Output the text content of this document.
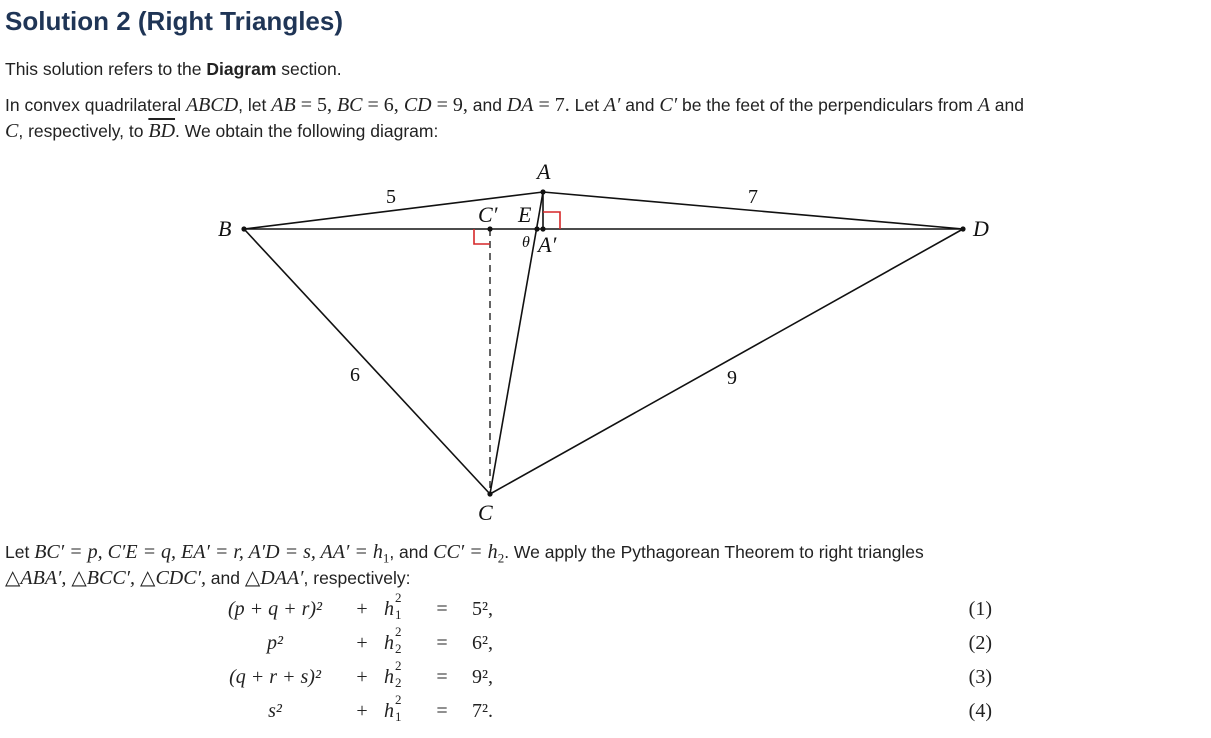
Solution 2 (Right Triangles)
This solution refers to the Diagram section.
In convex quadrilateral ABCD, let AB = 5, BC = 6, CD = 9, and DA = 7. Let A′ and C′ be the feet of the perpendiculars from A and
C, respectively, to $\overline{BD}$. We obtain the following diagram:
A
B
C
D
E
C′
A′
θ
5	7
6	9
Let BC′ = p, C′E = q, EA′ = r, A′D = s, $AA' = h_1$, and $CC' = h_2$. We apply the Pythagorean Theorem to right triangles
△ABA′, △BCC′, △CDC′, and △DAA′, respectively:
(p + q + r)²	+ h
2
1 = 5²,	(1)
p²	+ h
2
2 = 6²,	(2)
(q + r + s)²	+ h
2
2 = 9²,	(3)
s²	+ h
2
1 = 7².	(4)
